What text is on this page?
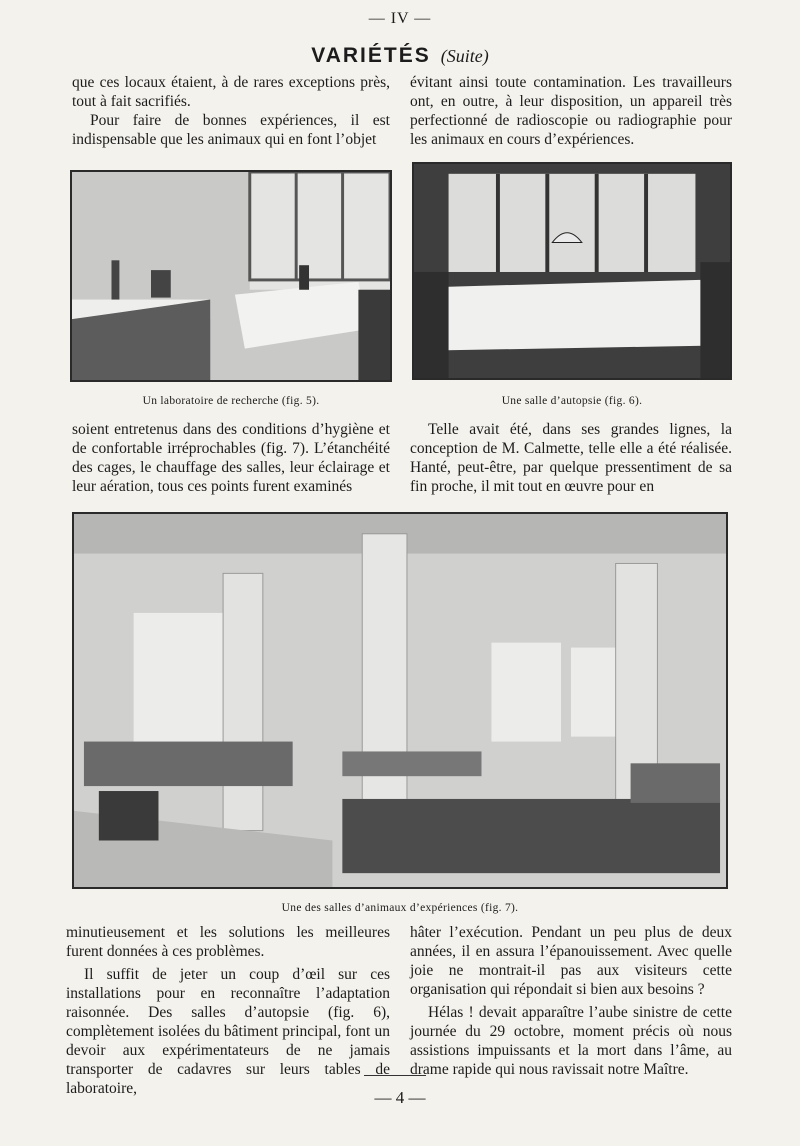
— IV —
VARIÉTÉS (Suite)

que ces locaux étaient, à de rares exceptions près, tout à fait sacrifiés.

Pour faire de bonnes expériences, il est indispensable que les animaux qui en font l’objet

évitant ainsi toute contamination. Les travailleurs ont, en outre, à leur disposition, un appareil très perfectionné de radioscopie ou radiographie pour les animaux en cours d’expériences.

Un laboratoire de recherche (fig. 5).	Une salle d’autopsie (fig. 6).

soient entretenus dans des conditions d’hygiène et de confortable irréprochables (fig. 7). L’étanchéité des cages, le chauffage des salles, leur éclairage et leur aération, tous ces points furent examinés

Telle avait été, dans ses grandes lignes, la conception de M. Calmette, telle elle a été réalisée. Hanté, peut-être, par quelque pressentiment de sa fin proche, il mit tout en œuvre pour en

Une des salles d’animaux d’expériences (fig. 7).

minutieusement et les solutions les meilleures furent données à ces problèmes.

Il suffit de jeter un coup d’œil sur ces installations pour en reconnaître l’adaptation raisonnée. Des salles d’autopsie (fig. 6), complètement isolées du bâtiment principal, font un devoir aux expérimentateurs de ne jamais transporter de cadavres sur leurs tables de laboratoire,

hâter l’exécution. Pendant un peu plus de deux années, il en assura l’épanouissement. Avec quelle joie ne montrait-il pas aux visiteurs cette organisation qui répondait si bien aux besoins ?

Hélas ! devait apparaître l’aube sinistre de cette journée du 29 octobre, moment précis où nous assistions impuissants et la mort dans l’âme, au drame rapide qui nous ravissait notre Maître.

— 4 —
